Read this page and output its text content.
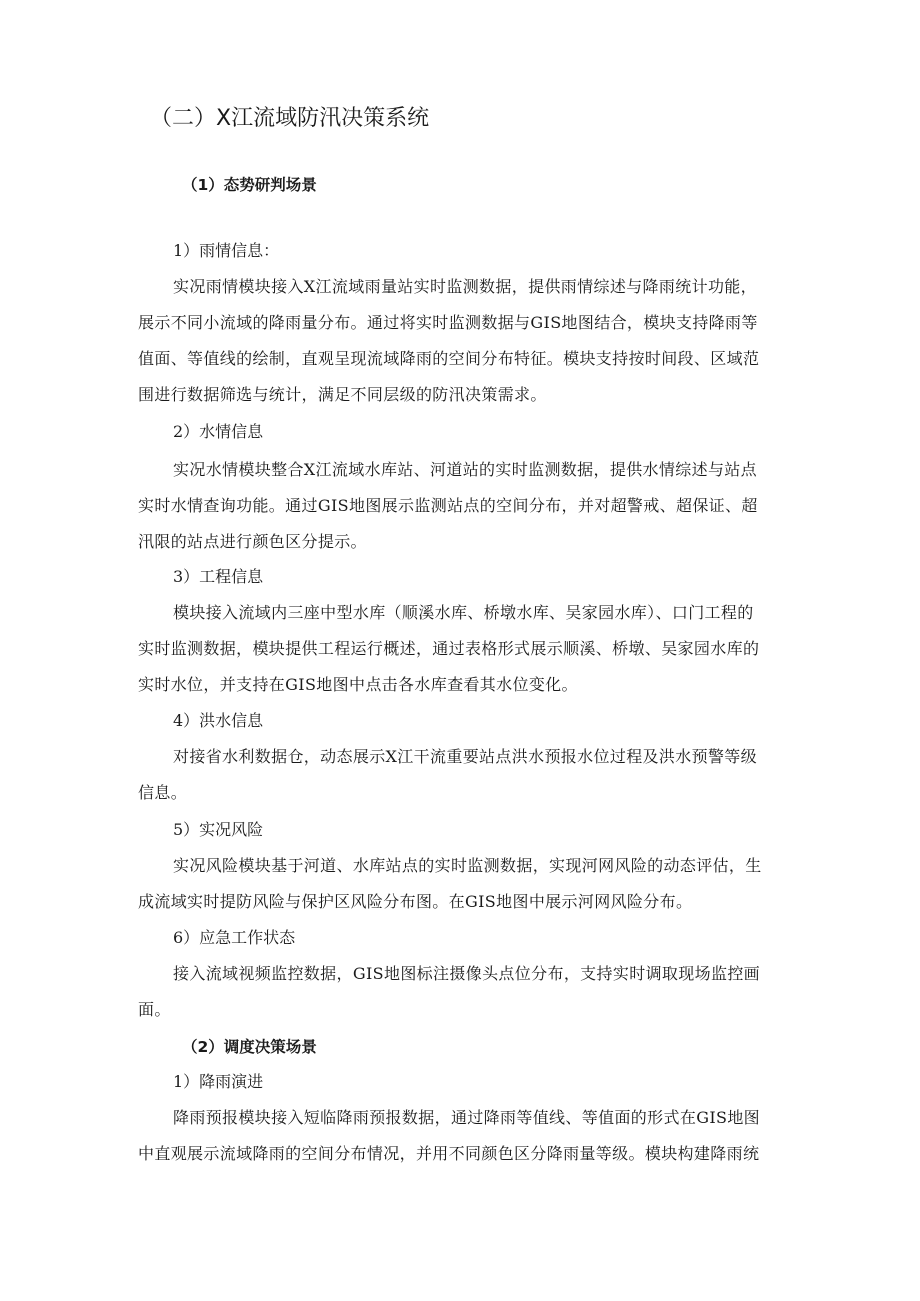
（二）X江流域防汛决策系统
（1）态势研判场景
1）雨情信息：
实况雨情模块接入X江流域雨量站实时监测数据，提供雨情综述与降雨统计功能，
展示不同小流域的降雨量分布。通过将实时监测数据与GIS地图结合，模块支持降雨等
值面、等值线的绘制，直观呈现流域降雨的空间分布特征。模块支持按时间段、区域范
围进行数据筛选与统计，满足不同层级的防汛决策需求。
2）水情信息
实况水情模块整合X江流域水库站、河道站的实时监测数据，提供水情综述与站点
实时水情查询功能。通过GIS地图展示监测站点的空间分布，并对超警戒、超保证、超
汛限的站点进行颜色区分提示。
3）工程信息
模块接入流域内三座中型水库（顺溪水库、桥墩水库、吴家园水库）、口门工程的
实时监测数据，模块提供工程运行概述，通过表格形式展示顺溪、桥墩、吴家园水库的
实时水位，并支持在GIS地图中点击各水库查看其水位变化。
4）洪水信息
对接省水利数据仓，动态展示X江干流重要站点洪水预报水位过程及洪水预警等级
信息。
5）实况风险
实况风险模块基于河道、水库站点的实时监测数据，实现河网风险的动态评估，生
成流域实时提防风险与保护区风险分布图。在GIS地图中展示河网风险分布。
6）应急工作状态
接入流域视频监控数据，GIS地图标注摄像头点位分布，支持实时调取现场监控画
面。
（2）调度决策场景
1）降雨演进
降雨预报模块接入短临降雨预报数据，通过降雨等值线、等值面的形式在GIS地图
中直观展示流域降雨的空间分布情况，并用不同颜色区分降雨量等级。模块构建降雨统
